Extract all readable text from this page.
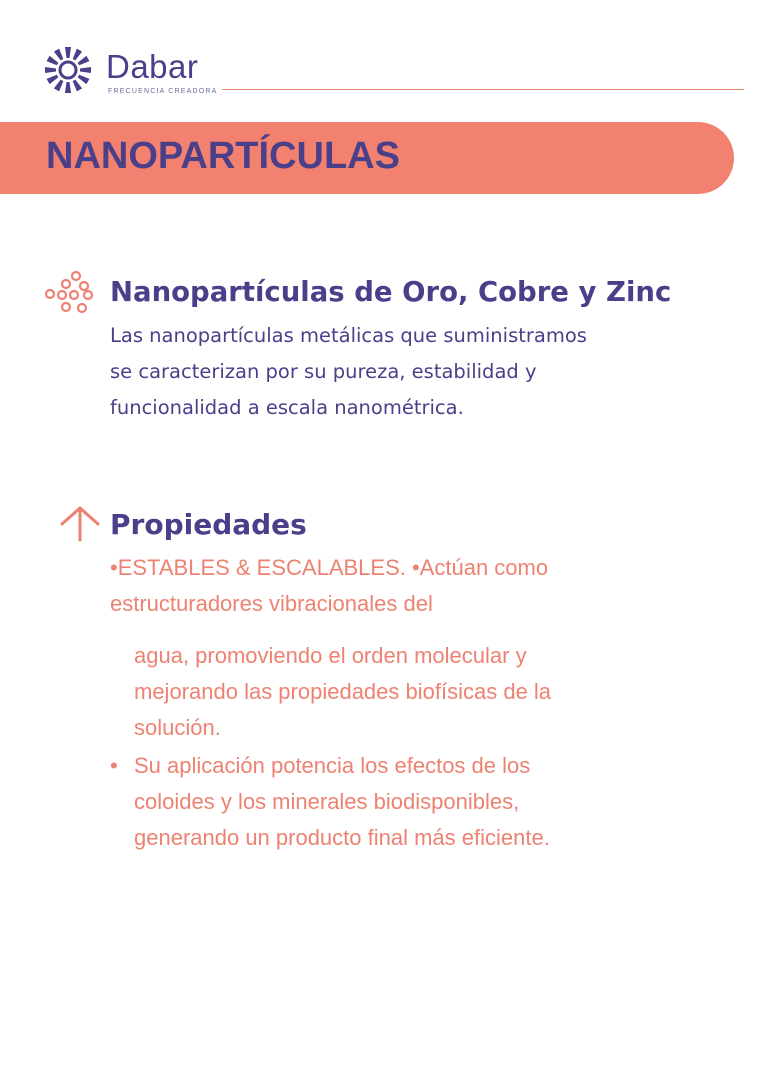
Dabar
FRECUENCIA CREADORA
NANOPARTÍCULAS
Nanopartículas de Oro, Cobre y Zinc
Las nanopartículas metálicas que suministramos
se caracterizan por su pureza, estabilidad y
funcionalidad a escala nanométrica.
Propiedades
•ESTABLES & ESCALABLES. •Actúan como
estructuradores vibracionales del
agua, promoviendo el orden molecular y
mejorando las propiedades biofísicas de la
solución.
• Su aplicación potencia los efectos de los
coloides y los minerales biodisponibles,
generando un producto final más eficiente.
